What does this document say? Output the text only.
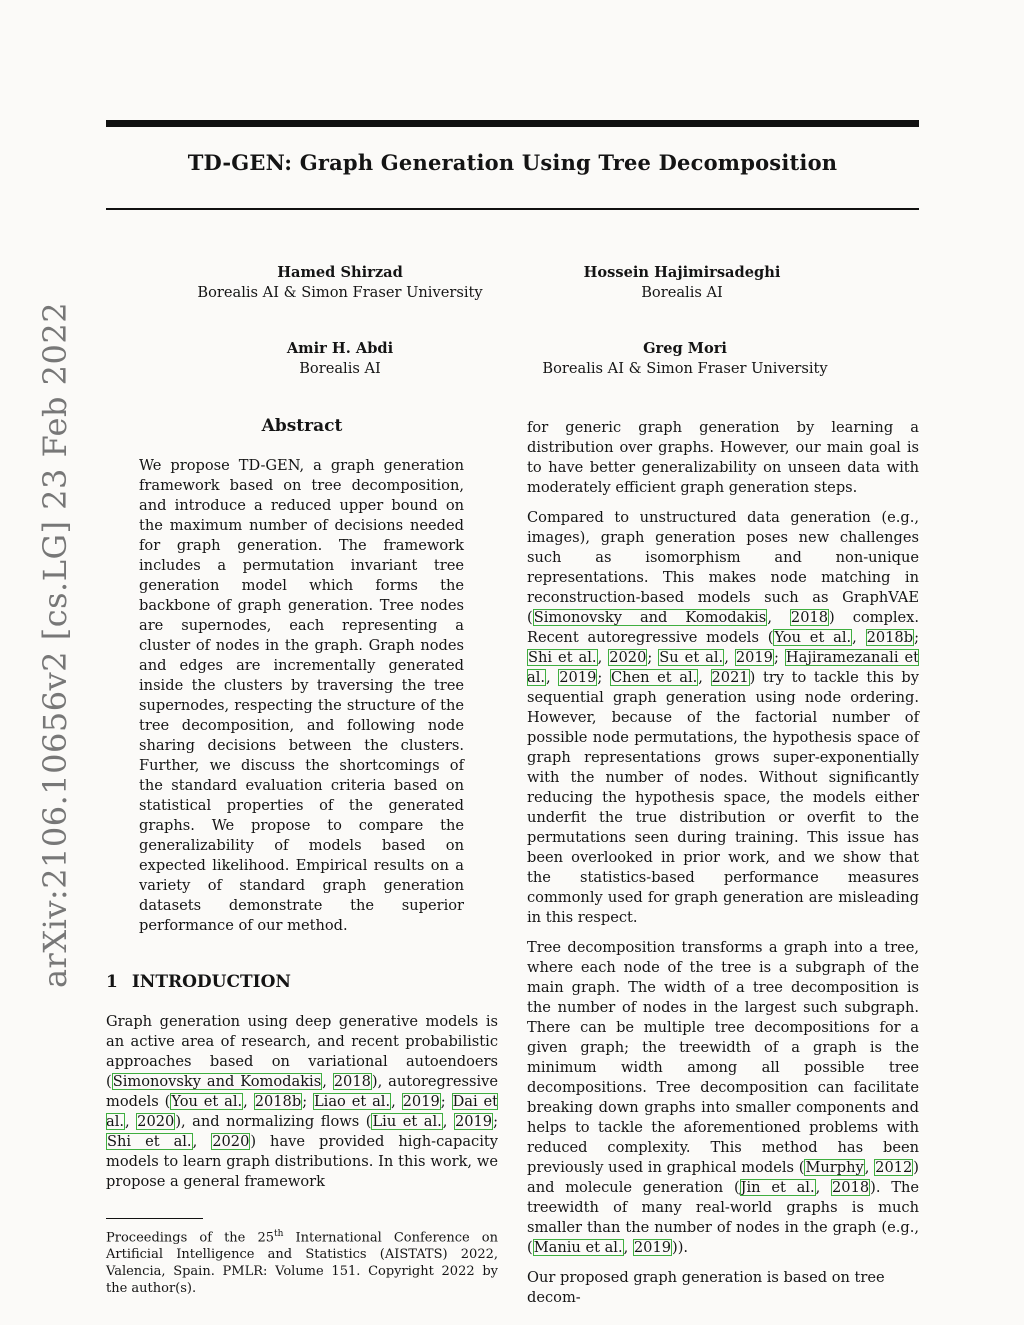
TD-GEN: Graph Generation Using Tree Decomposition
Hamed Shirzad
Borealis AI & Simon Fraser University
Hossein Hajimirsadeghi
Borealis AI
Amir H. Abdi
Borealis AI
Greg Mori
Borealis AI & Simon Fraser University
arXiv:2106.10656v2 [cs.LG] 23 Feb 2022	Abstract
We propose TD-GEN, a graph generation framework based on tree decomposition, and introduce a reduced upper bound on the maximum number of decisions needed for graph generation. The framework includes a permutation invariant tree generation model which forms the backbone of graph generation. Tree nodes are supernodes, each representing a cluster of nodes in the graph. Graph nodes and edges are incrementally generated inside the clusters by traversing the tree supernodes, respecting the structure of the tree decomposition, and following node sharing decisions between the clusters. Further, we discuss the shortcomings of the standard evaluation criteria based on statistical properties of the generated graphs. We propose to compare the generalizability of models based on expected likelihood. Empirical results on a variety of standard graph generation datasets demonstrate the superior performance of our method.
1 INTRODUCTION

Graph generation using deep generative models is an active area of research, and recent probabilistic approaches based on variational autoendoers (Simonovsky and Komodakis, 2018), autoregressive models (You et al., 2018b; Liao et al., 2019; Dai et al., 2020), and normalizing flows (Liu et al., 2019; Shi et al., 2020) have provided high-capacity models to learn graph distributions. In this work, we propose a general framework

Proceedings of the 25th International Conference on Artificial Intelligence and Statistics (AISTATS) 2022, Valencia, Spain. PMLR: Volume 151. Copyright 2022 by the author(s).

for generic graph generation by learning a distribution over graphs. However, our main goal is to have better generalizability on unseen data with moderately efficient graph generation steps.

Compared to unstructured data generation (e.g., images), graph generation poses new challenges such as isomorphism and non-unique representations. This makes node matching in reconstruction-based models such as GraphVAE (Simonovsky and Komodakis, 2018) complex. Recent autoregressive models (You et al., 2018b; Shi et al., 2020; Su et al., 2019; Hajiramezanali et al., 2019; Chen et al., 2021) try to tackle this by sequential graph generation using node ordering. However, because of the factorial number of possible node permutations, the hypothesis space of graph representations grows super-exponentially with the number of nodes. Without significantly reducing the hypothesis space, the models either underfit the true distribution or overfit to the permutations seen during training. This issue has been overlooked in prior work, and we show that the statistics-based performance measures commonly used for graph generation are misleading in this respect.

Tree decomposition transforms a graph into a tree, where each node of the tree is a subgraph of the main graph. The width of a tree decomposition is the number of nodes in the largest such subgraph. There can be multiple tree decompositions for a given graph; the treewidth of a graph is the minimum width among all possible tree decompositions. Tree decomposition can facilitate breaking down graphs into smaller components and helps to tackle the aforementioned problems with reduced complexity. This method has been previously used in graphical models (Murphy, 2012) and molecule generation (Jin et al., 2018). The treewidth of many real-world graphs is much smaller than the number of nodes in the graph (e.g., (Maniu et al., 2019)).

Our proposed graph generation is based on tree decom-
